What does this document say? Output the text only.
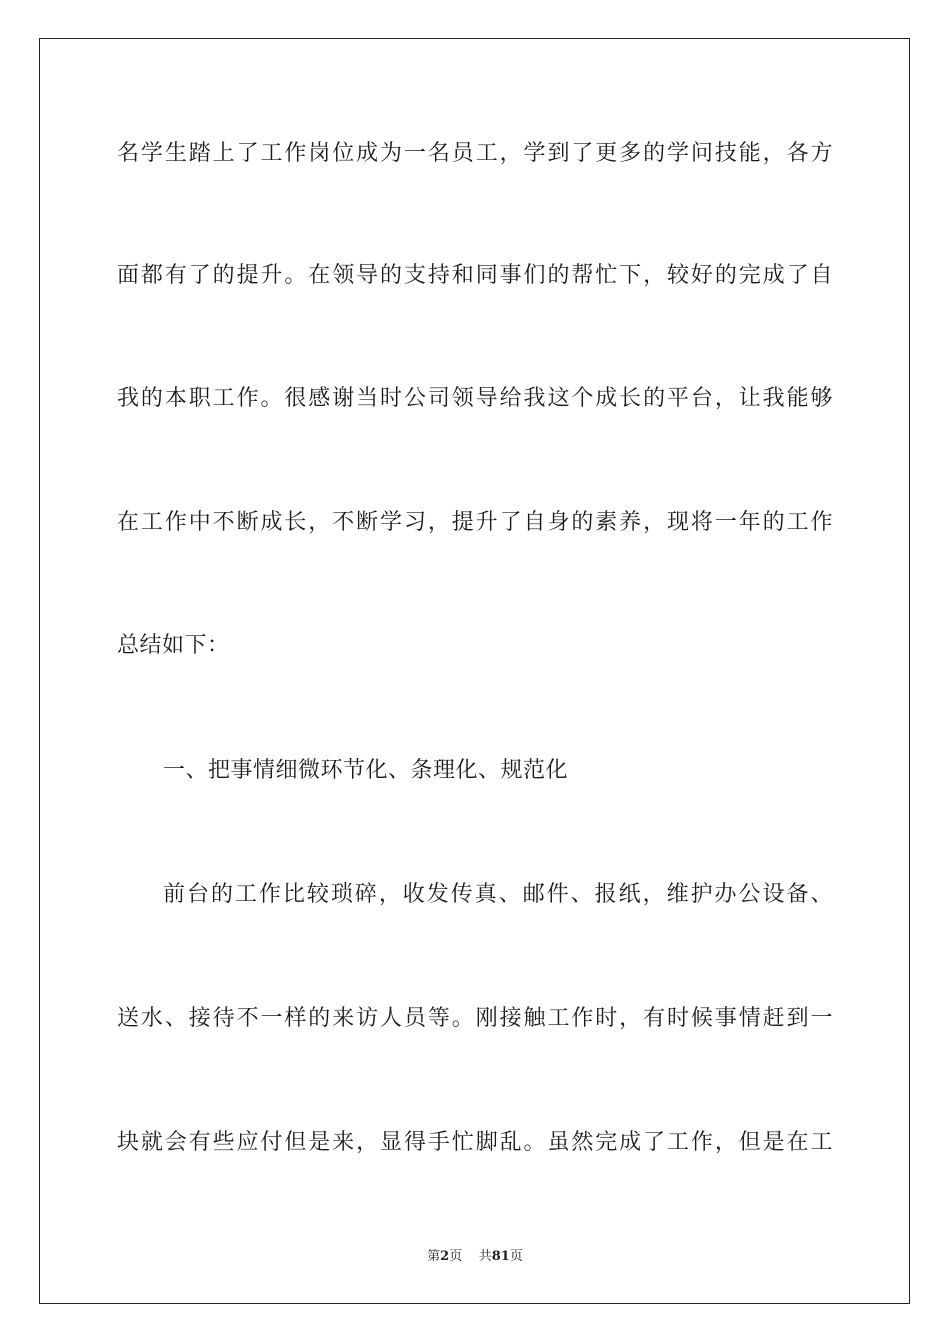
名学生踏上了工作岗位成为一名员工，学到了更多的学问技能，各方
面都有了的提升。在领导的支持和同事们的帮忙下，较好的完成了自
我的本职工作。很感谢当时公司领导给我这个成长的平台，让我能够
在工作中不断成长，不断学习，提升了自身的素养，现将一年的工作
总结如下：
一、把事情细微环节化、条理化、规范化
前台的工作比较琐碎，收发传真、邮件、报纸，维护办公设备、
送水、接待不一样的来访人员等。刚接触工作时，有时候事情赶到一
块就会有些应付但是来，显得手忙脚乱。虽然完成了工作，但是在工
第2页 共81页
